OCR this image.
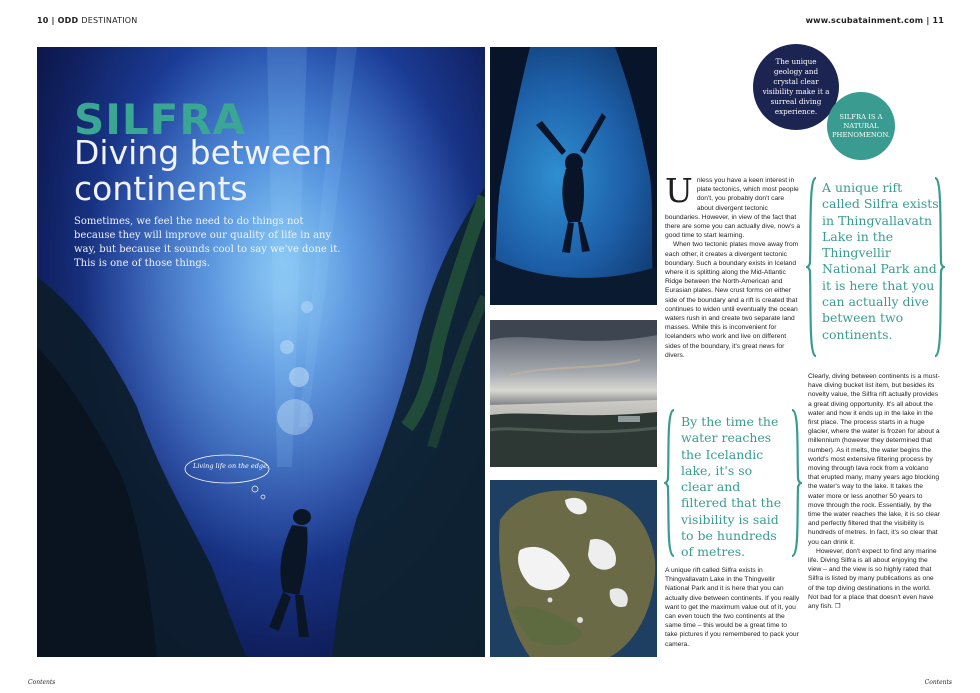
10 | ODD DESTINATION	www.scubatainment.com | 11
SILFRA
Diving between
continents
Sometimes, we feel the need to do things not because they will improve our quality of life in any way, but because it sounds cool to say we've done it. This is one of those things.
Living life on the edge.
The unique geology and crystal clear visibility make it a surreal diving experience.
SILFRA IS A NATURAL PHENOMENON.
U nless you have a keen interest in plate tectonics, which most people don't, you probably don't care about divergent tectonic boundaries. However, in view of the fact that there are some you can actually dive, now's a good time to start learning.

When two tectonic plates move away from each other, it creates a divergent tectonic boundary. Such a boundary exists in Iceland where it is splitting along the Mid-Atlantic Ridge between the North-American and Eurasian plates. New crust forms on either side of the boundary and a rift is created that continues to widen until eventually the ocean waters rush in and create two separate land masses. While this is inconvenient for Icelanders who work and live on different sides of the boundary, it's great news for divers.

By the time the water reaches the Icelandic lake, it's so clear and filtered that the visibility is said to be hundreds of metres.

A unique rift called Silfra exists in Thingvallavatn Lake in the Thingvellir National Park and it is here that you can actually dive between continents. If you really want to get the maximum value out of it, you can even touch the two continents at the same time – this would be a great time to take pictures if you remembered to pack your camera.

A unique rift called Silfra exists in Thingvallavatn Lake in the Thingvellir National Park and it is here that you can actually dive between two continents.

Clearly, diving between continents is a must-have diving bucket list item, but besides its novelty value, the Silfra rift actually provides a great diving opportunity. It's all about the water and how it ends up in the lake in the first place. The process starts in a huge glacier, where the water is frozen for about a millennium (however they determined that number). As it melts, the water begins the world's most extensive filtering process by moving through lava rock from a volcano that erupted many, many years ago blocking the water's way to the lake. It takes the water more or less another 50 years to move through the rock. Essentially, by the time the water reaches the lake, it is so clear and perfectly filtered that the visibility is hundreds of metres. In fact, it's so clear that you can drink it.

However, don't expect to find any marine life. Diving Silfra is all about enjoying the view – and the view is so highly rated that Silfra is listed by many publications as one of the top diving destinations in the world. Not bad for a place that doesn't even have any fish. ❐

Contents	Contents
